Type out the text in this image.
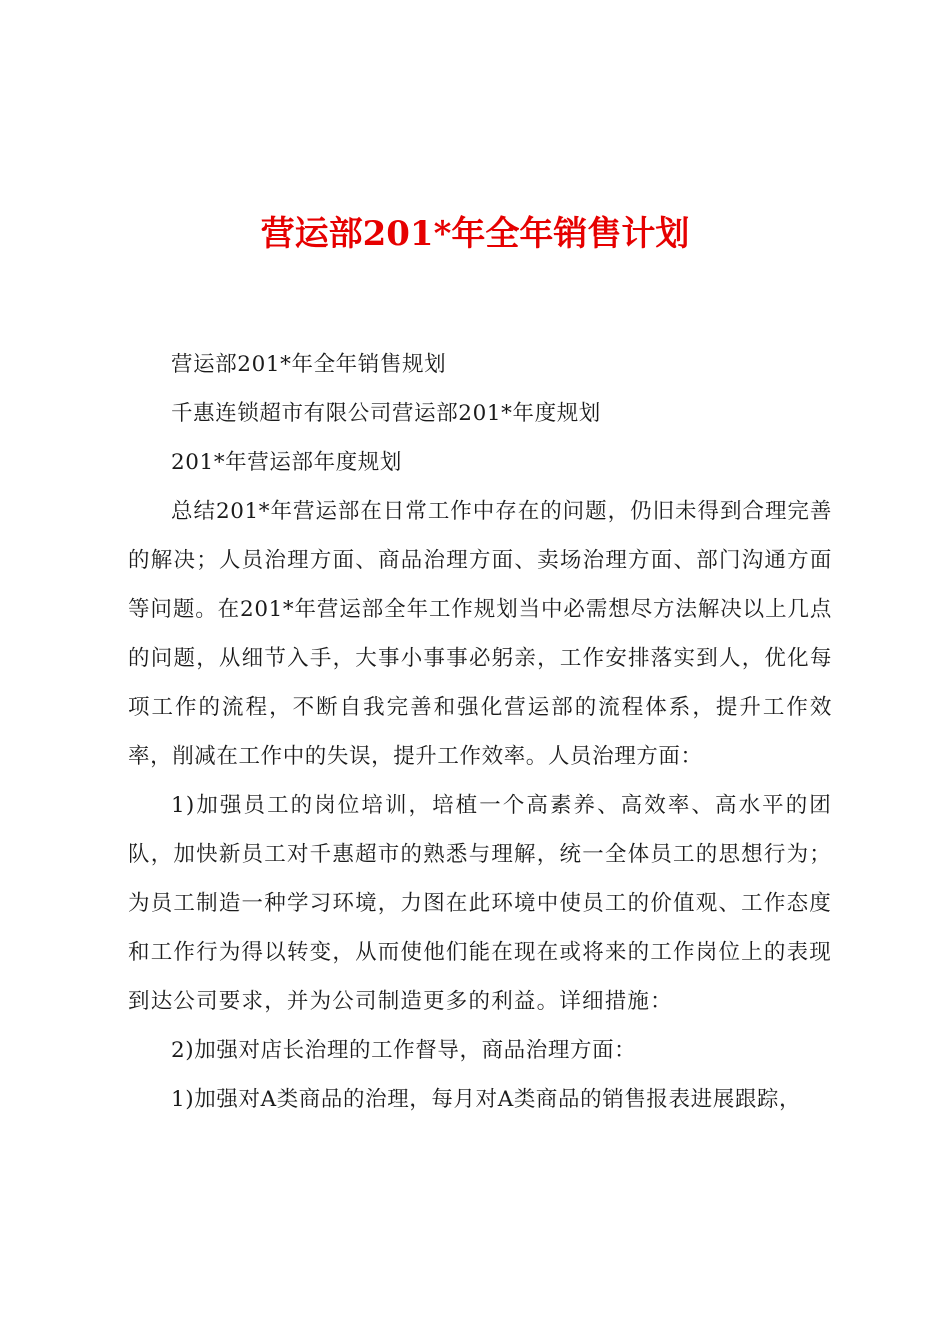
营运部201*年全年销售计划

营运部201*年全年销售规划

千惠连锁超市有限公司营运部201*年度规划

201*年营运部年度规划

总结201*年营运部在日常工作中存在的问题，仍旧未得到合理完善的解决；人员治理方面、商品治理方面、卖场治理方面、部门沟通方面等问题。在201*年营运部全年工作规划当中必需想尽方法解决以上几点的问题，从细节入手，大事小事事必躬亲，工作安排落实到人，优化每项工作的流程，不断自我完善和强化营运部的流程体系，提升工作效率，削减在工作中的失误，提升工作效率。人员治理方面：

1)加强员工的岗位培训，培植一个高素养、高效率、高水平的团队，加快新员工对千惠超市的熟悉与理解，统一全体员工的思想行为；为员工制造一种学习环境，力图在此环境中使员工的价值观、工作态度和工作行为得以转变，从而使他们能在现在或将来的工作岗位上的表现到达公司要求，并为公司制造更多的利益。详细措施：

2)加强对店长治理的工作督导，商品治理方面：

1)加强对A类商品的治理，每月对A类商品的销售报表进展跟踪，
